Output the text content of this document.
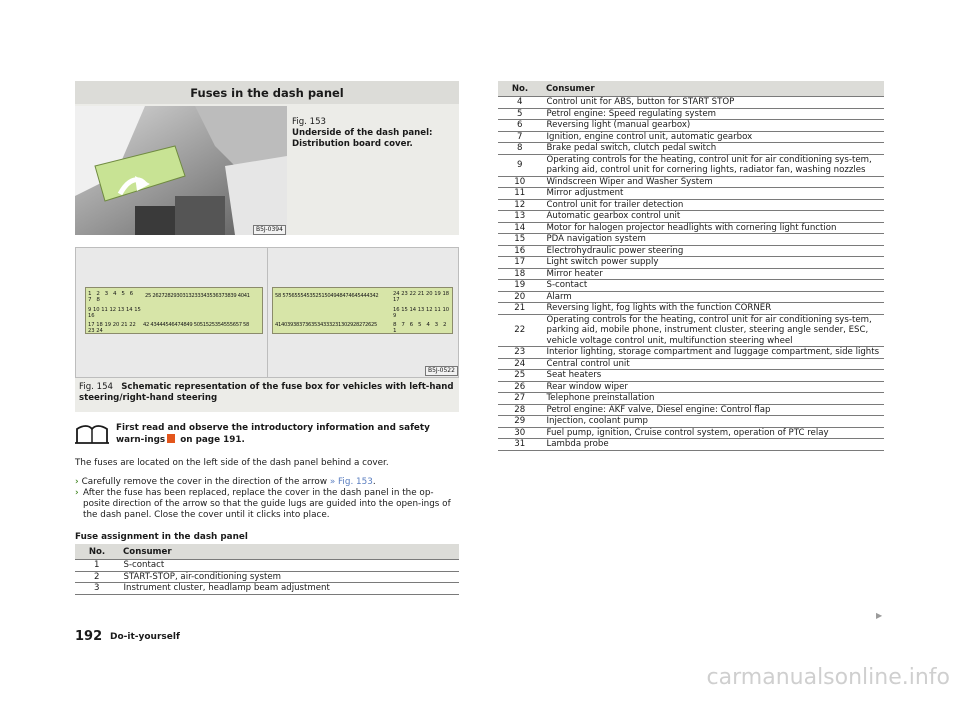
Fuses in the dash panel
Fig. 153
Underside of the dash panel: Distribution board cover.
B5J-0394
1 2 3 4 5 6 7 8
25 2627282930313233343536373839 4041
9 10 11 12 13 14 15 16
17 18 19 20 21 22 23 24
42 43444546474849 5051525354555657 58
58 57565554535251504948474645444342	24 23 22 21 20 19 18 17
16 15 14 13 12 11 10 9
4140393837363534333231302928272625	8 7 6 5 4 3 2 1
B5J-0522
Fig. 154 Schematic representation of the fuse box for vehicles with left-hand steering/right-hand steering
First read and observe the introductory information and safety warn-ings on page 191.
The fuses are located on the left side of the dash panel behind a cover.
› Carefully remove the cover in the direction of the arrow » Fig. 153.
› After the fuse has been replaced, replace the cover in the dash panel in the op-posite direction of the arrow so that the guide lugs are guided into the open-ings of the dash panel. Close the cover until it clicks into place.
Fuse assignment in the dash panel
No.	Consumer
1	S-contact
2	START-STOP, air-conditioning system
3	Instrument cluster, headlamp beam adjustment
No.	Consumer
4	Control unit for ABS, button for START STOP
5	Petrol engine: Speed regulating system
6	Reversing light (manual gearbox)
7	Ignition, engine control unit, automatic gearbox
8	Brake pedal switch, clutch pedal switch
9	Operating controls for the heating, control unit for air conditioning sys-tem, parking aid, control unit for cornering lights, radiator fan, washing nozzles
10	Windscreen Wiper and Washer System
11	Mirror adjustment
12	Control unit for trailer detection
13	Automatic gearbox control unit
14	Motor for halogen projector headlights with cornering light function
15	PDA navigation system
16	Electrohydraulic power steering
17	Light switch power supply
18	Mirror heater
19	S-contact
20	Alarm
21	Reversing light, fog lights with the function CORNER
22	Operating controls for the heating, control unit for air conditioning sys-tem, parking aid, mobile phone, instrument cluster, steering angle sender, ESC, vehicle voltage control unit, multifunction steering wheel
23	Interior lighting, storage compartment and luggage compartment, side lights
24	Central control unit
25	Seat heaters
26	Rear window wiper
27	Telephone preinstallation
28	Petrol engine: AKF valve, Diesel engine: Control flap
29	Injection, coolant pump
30	Fuel pump, ignition, Cruise control system, operation of PTC relay
31	Lambda probe
▶
192 Do-it-yourself
carmanualsonline.info
